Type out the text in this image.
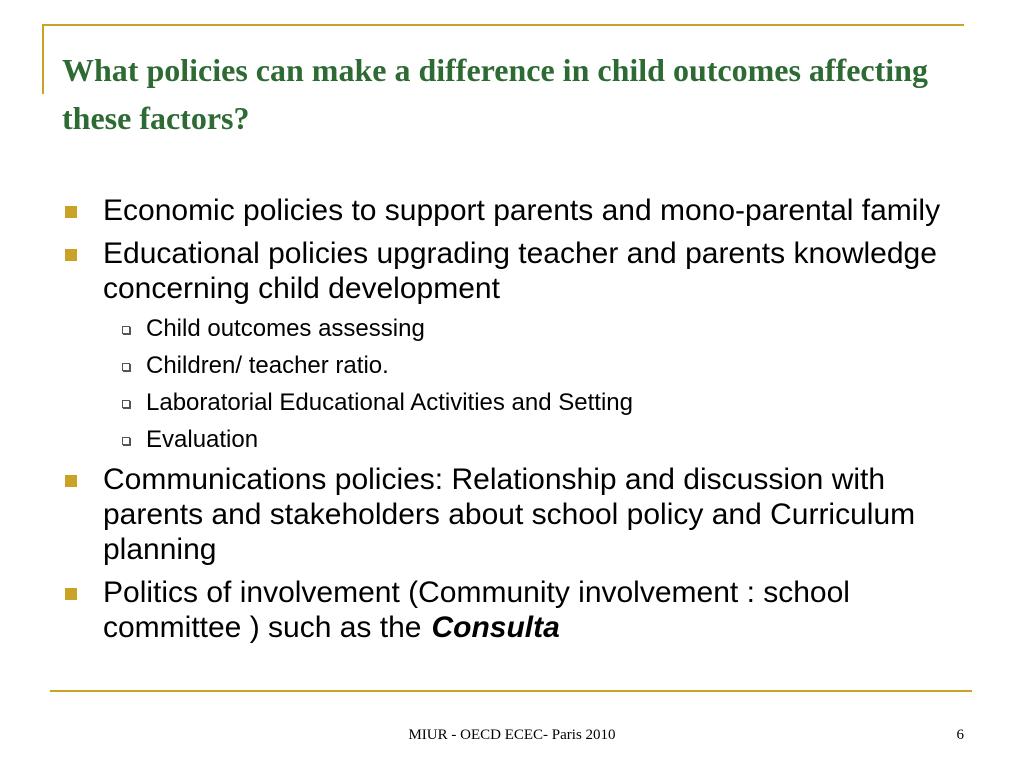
What policies can make a difference in child outcomes affecting these factors?
Economic policies to support parents and mono-parental family
Educational policies upgrading teacher and parents knowledge concerning child development
Child outcomes assessing
Children/ teacher ratio.
Laboratorial Educational Activities and Setting
Evaluation
Communications policies: Relationship and discussion with parents and stakeholders about school policy and Curriculum planning
Politics of involvement (Community involvement : school committee ) such as the Consulta
MIUR - OECD ECEC- Paris 2010	6
